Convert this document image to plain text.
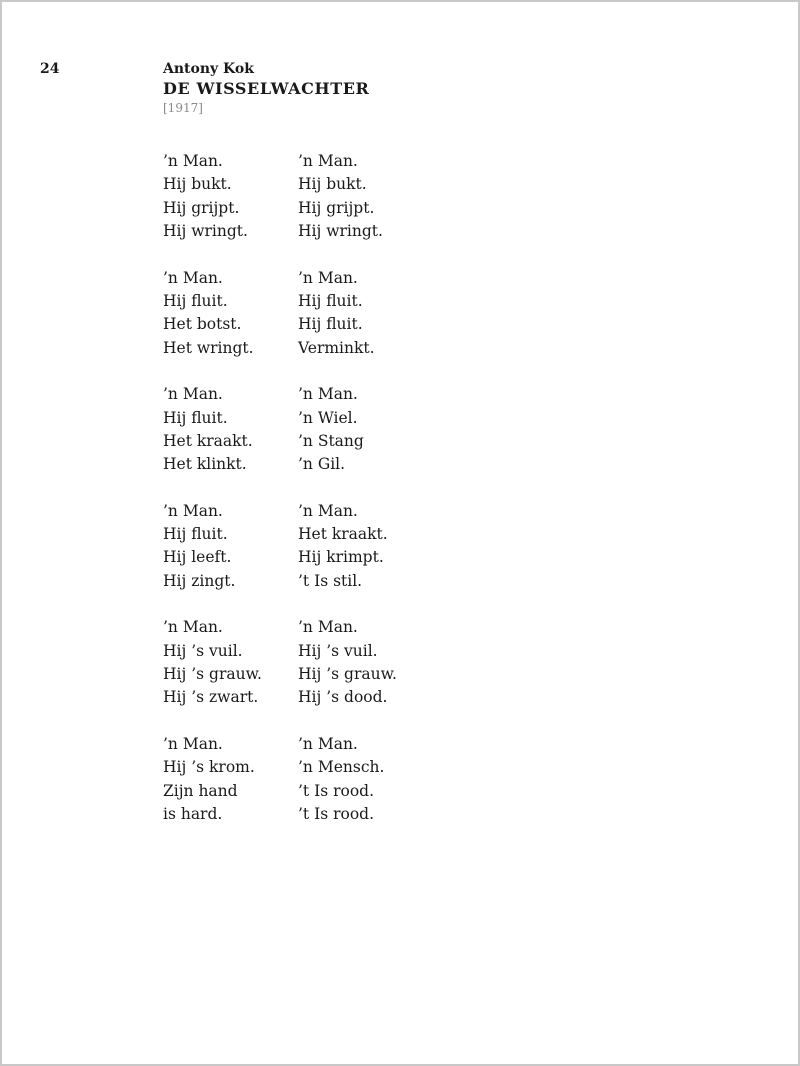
24	Antony Kok

DE WISSELWACHTER

[1917]

’n Man.	’n Man.
Hij bukt.	Hij bukt.
Hij grijpt.	Hij grijpt.
Hij wringt.	Hij wringt.
’n Man.	’n Man.
Hij fluit.	Hij fluit.
Het botst.	Hij fluit.
Het wringt.	Verminkt.
’n Man.	’n Man.
Hij fluit.	’n Wiel.
Het kraakt.	’n Stang
Het klinkt.	’n Gil.
’n Man.	’n Man.
Hij fluit.	Het kraakt.
Hij leeft.	Hij krimpt.
Hij zingt.	’t Is stil.
’n Man.	’n Man.
Hij ’s vuil.	Hij ’s vuil.
Hij ’s grauw.	Hij ’s grauw.
Hij ’s zwart.	Hij ’s dood.
’n Man.	’n Man.
Hij ’s krom.	’n Mensch.
Zijn hand	’t Is rood.
is hard.	’t Is rood.
